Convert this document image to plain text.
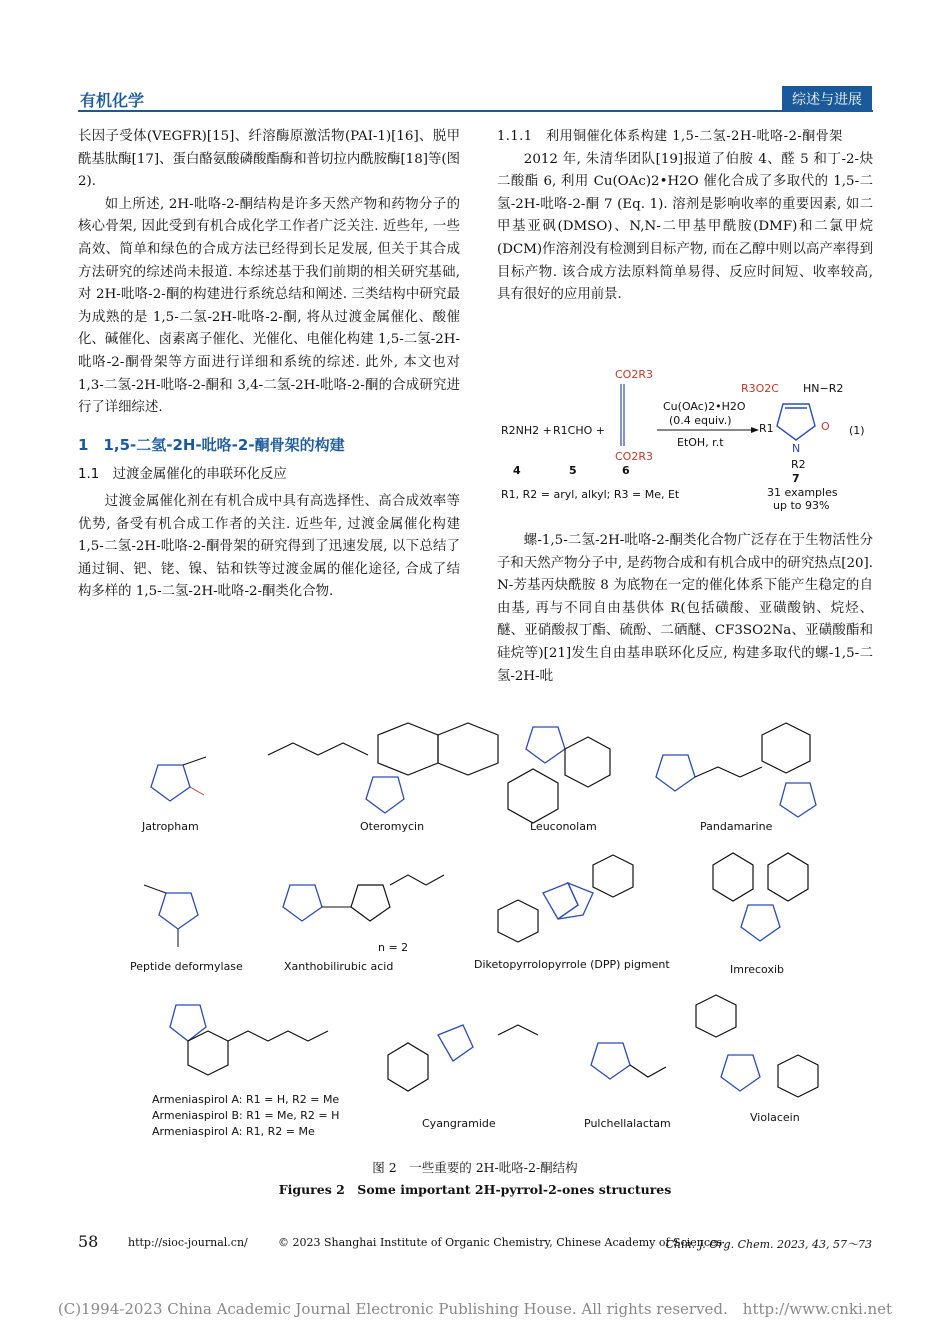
有机化学	综述与进展

长因子受体(VEGFR)[15]、纤溶酶原激活物(PAI-1)[16]、脱甲酰基肽酶[17]、蛋白酪氨酸磷酸酯酶和普切拉内酰胺酶[18]等(图 2).

如上所述, 2H-吡咯-2-酮结构是许多天然产物和药物分子的核心骨架, 因此受到有机合成化学工作者广泛关注. 近些年, 一些高效、简单和绿色的合成方法已经得到长足发展, 但关于其合成方法研究的综述尚未报道. 本综述基于我们前期的相关研究基础, 对 2H-吡咯-2-酮的构建进行系统总结和阐述. 三类结构中研究最为成熟的是 1,5-二氢-2H-吡咯-2-酮, 将从过渡金属催化、酸催化、碱催化、卤素离子催化、光催化、电催化构建 1,5-二氢-2H-吡咯-2-酮骨架等方面进行详细和系统的综述. 此外, 本文也对 1,3-二氢-2H-吡咯-2-酮和 3,4-二氢-2H-吡咯-2-酮的合成研究进行了详细综述.

1　1,5-二氢-2H-吡咯-2-酮骨架的构建

1.1　过渡金属催化的串联环化反应

过渡金属催化剂在有机合成中具有高选择性、高合成效率等优势, 备受有机合成工作者的关注. 近些年, 过渡金属催化构建 1,5-二氢-2H-吡咯-2-酮骨架的研究得到了迅速发展, 以下总结了通过铜、钯、铑、镍、钴和铁等过渡金属的催化途径, 合成了结构多样的 1,5-二氢-2H-吡咯-2-酮类化合物.

1.1.1　利用铜催化体系构建 1,5-二氢-2H-吡咯-2-酮骨架

2012 年, 朱清华团队[19]报道了伯胺 4、醛 5 和丁-2-炔二酸酯 6, 利用 Cu(OAc)2•H2O 催化合成了多取代的 1,5-二氢-2H-吡咯-2-酮 7 (Eq. 1). 溶剂是影响收率的重要因素, 如二甲基亚砜(DMSO)、N,N-二甲基甲酰胺(DMF)和二氯甲烷(DCM)作溶剂没有检测到目标产物, 而在乙醇中则以高产率得到目标产物. 该合成方法原料简单易得、反应时间短、收率较高, 具有很好的应用前景.

螺-1,5-二氢-2H-吡咯-2-酮类化合物广泛存在于生物活性分子和天然产物分子中, 是药物合成和有机合成中的研究热点[20]. N-芳基丙炔酰胺 8 为底物在一定的催化体系下能产生稳定的自由基, 再与不同自由基供体 R(包括磺酸、亚磺酸钠、烷烃、醚、亚硝酸叔丁酯、硫酚、二硒醚、CF3SO2Na、亚磺酸酯和硅烷等)[21]发生自由基串联环化反应, 构建多取代的螺-1,5-二氢-2H-吡

R2NH2 + R1CHO +
CO2R3
CO2R3
Cu(OAc)2•H2O
(0.4 equiv.)
EtOH, r.t
R3O2C HN−R2
R1
N
O
R2
(1)
4	5	6
7
R1, R2 = aryl, alkyl; R3 = Me, Et	31 examples
up to 93%
Jatropham	Oteromycin	Leuconolam	Pandamarine
Peptide deformylase
n = 2
Xanthobilirubic acid	Diketopyrrolopyrrole (DPP) pigment	Imrecoxib
Armeniaspirol A: R1 = H, R2 = Me
Armeniaspirol B: R1 = Me, R2 = H
Armeniaspirol A: R1, R2 = Me
Cyangramide	Pulchellalactam	Violacein
图 2　一些重要的 2H-吡咯-2-酮结构
Figures 2　Some important 2H-pyrrol-2-ones structures
58	http://sioc-journal.cn/	© 2023 Shanghai Institute of Organic Chemistry, Chinese Academy of Sciences
Chin. J. Org. Chem. 2023, 43, 57～73
(C)1994-2023 China Academic Journal Electronic Publishing House. All rights reserved.　http://www.cnki.net
